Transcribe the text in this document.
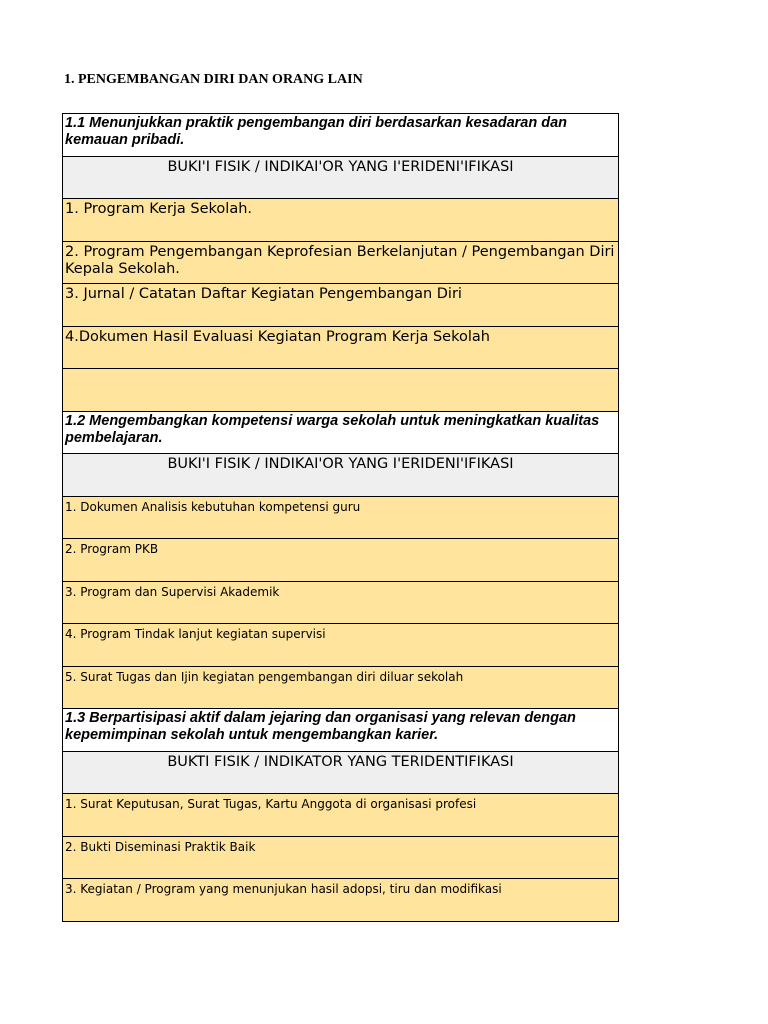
1. PENGEMBANGAN DIRI DAN ORANG LAIN
1.1 Menunjukkan praktik pengembangan diri berdasarkan kesadaran dan kemauan pribadi.
BUKI'I FISIK / INDIKAI'OR YANG I'ERIDENI'IFIKASI
1. Program Kerja Sekolah.
2. Program Pengembangan Keprofesian Berkelanjutan / Pengembangan Diri Kepala Sekolah.
3. Jurnal / Catatan Daftar Kegiatan Pengembangan Diri
4.Dokumen Hasil Evaluasi Kegiatan Program Kerja Sekolah

1.2 Mengembangkan kompetensi warga sekolah untuk meningkatkan kualitas pembelajaran.
BUKI'I FISIK / INDIKAI'OR YANG I'ERIDENI'IFIKASI
1. Dokumen Analisis kebutuhan kompetensi guru
2. Program PKB
3. Program dan Supervisi Akademik
4. Program Tindak lanjut kegiatan supervisi
5. Surat Tugas dan Ijin kegiatan pengembangan diri diluar sekolah
1.3 Berpartisipasi aktif dalam jejaring dan organisasi yang relevan dengan kepemimpinan sekolah untuk mengembangkan karier.
BUKTI FISIK / INDIKATOR YANG TERIDENTIFIKASI
1. Surat Keputusan, Surat Tugas, Kartu Anggota di organisasi profesi
2. Bukti Diseminasi Praktik Baik
3. Kegiatan / Program yang menunjukan hasil adopsi, tiru dan modifikasi
